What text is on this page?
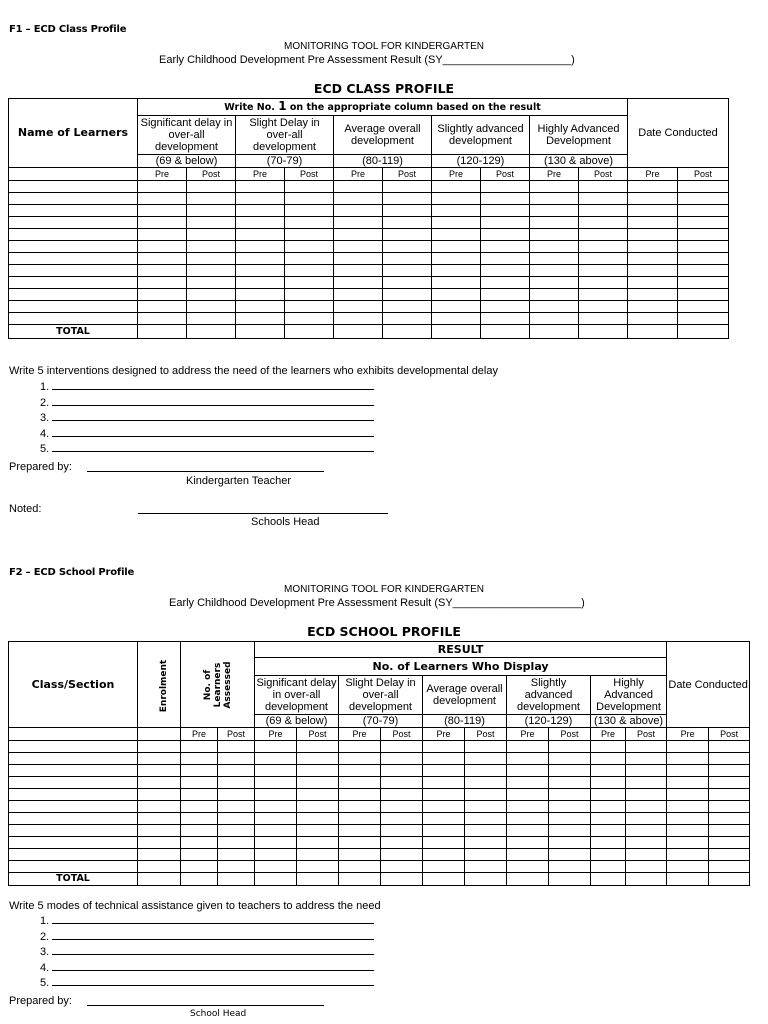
F1 – ECD Class Profile
MONITORING TOOL FOR KINDERGARTEN
Early Childhood Development Pre Assessment Result (SY_____________________)
ECD CLASS PROFILE
Name of Learners	Write No. 1 on the appropriate column based on the result										Date Conducted	
	Significant delay in over-all development		Slight Delay in over-all development		Average overall development		Slightly advanced development		Highly Advanced Development			
	(69 & below)		(70-79)		(80-119)		(120-129)		(130 & above)			
	Pre	Post	Pre	Post	Pre	Post	Pre	Post	Pre	Post	Pre	Post

TOTAL												
Write 5 interventions designed to address the need of the learners who exhibits developmental delay
1.
2.
3.
4.
5.
Prepared by:
Kindergarten Teacher
Noted:
Schools Head
F2 – ECD School Profile
MONITORING TOOL FOR KINDERGARTEN
Early Childhood Development Pre Assessment Result (SY_____________________)
ECD SCHOOL PROFILE
Class/Section	Enrolment	No. of Learners Assessed		RESULT										Date Conducted	
				No. of Learners Who Display											
				Significant delay in over-all development		Slight Delay in over-all development		Average overall development		Slightly advanced development		Highly Advanced Development			
				(69 & below)		(70-79)		(80-119)		(120-129)		(130 & above)			
		Pre	Post	Pre	Post	Pre	Post	Pre	Post	Pre	Post	Pre	Post	Pre	Post

TOTAL															
Write 5 modes of technical assistance given to teachers to address the need
1.
2.
3.
4.
5.
Prepared by:
School Head
